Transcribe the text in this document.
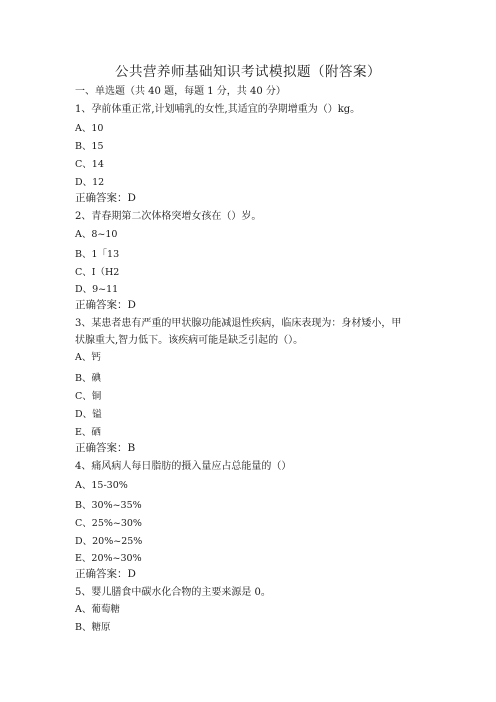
公共营养师基础知识考试模拟题（附答案）
一、单选题（共 40 题，每题 1 分，共 40 分）
1、孕前体重正常,计划哺乳的女性,其适宜的孕期增重为（）kg。
A、10
B、15
C、14
D、12
正确答案：D
2、青春期第二次体格突增女孩在（）岁。
A、8~10
B、1「13
C、I（H2
D、9~11
正确答案：D
3、某患者患有严重的甲状腺功能减退性疾病，临床表现为：身材矮小，甲
状腺重大,智力低下。该疾病可能是缺乏引起的（）。
A、钙
B、碘
C、铜
D、镒
E、硒
正确答案：B
4、痛风病人每日脂肪的摄入量应占总能量的（）
A、15-30%
B、30%~35%
C、25%~30%
D、20%~25%
E、20%~30%
正确答案：D
5、婴儿膳食中碳水化合物的主要来源是 0。
A、葡萄糖
B、糖原
